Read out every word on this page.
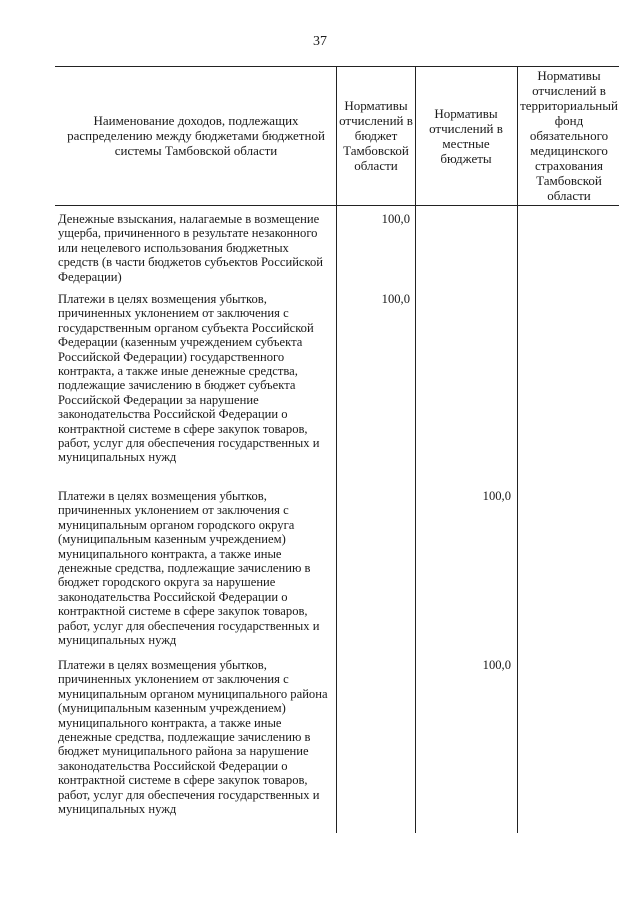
37
Наименование доходов, подлежащих распределению между бюджетами бюджетной системы Тамбовской области
Нормативы отчислений в бюджет Тамбовской области
Нормативы отчислений в местные бюджеты
Нормативы отчислений в территориальный фонд обязательного медицинского страхования Тамбовской области
Денежные взыскания, налагаемые в возмещение ущерба, причиненного в результате незаконного или нецелевого использования бюджетных средств (в части бюджетов субъектов Российской Федерации)
100,0
Платежи в целях возмещения убытков, причиненных уклонением от заключения с государственным органом субъекта Российской Федерации (казенным учреждением субъекта Российской Федерации) государственного контракта, а также иные денежные средства, подлежащие зачислению в бюджет субъекта Российской Федерации за нарушение законодательства Российской Федерации о контрактной системе в сфере закупок товаров, работ, услуг для обеспечения государственных и муниципальных нужд
100,0
Платежи в целях возмещения убытков, причиненных уклонением от заключения с муниципальным органом городского округа (муниципальным казенным учреждением) муниципального контракта, а также иные денежные средства, подлежащие зачислению в бюджет городского округа за нарушение законодательства Российской Федерации о контрактной системе в сфере закупок товаров, работ, услуг для обеспечения государственных и муниципальных нужд
100,0
Платежи в целях возмещения убытков, причиненных уклонением от заключения с муниципальным органом муниципального района (муниципальным казенным учреждением) муниципального контракта, а также иные денежные средства, подлежащие зачислению в бюджет муниципального района за нарушение законодательства Российской Федерации о контрактной системе в сфере закупок товаров, работ, услуг для обеспечения государственных и муниципальных нужд
100,0
